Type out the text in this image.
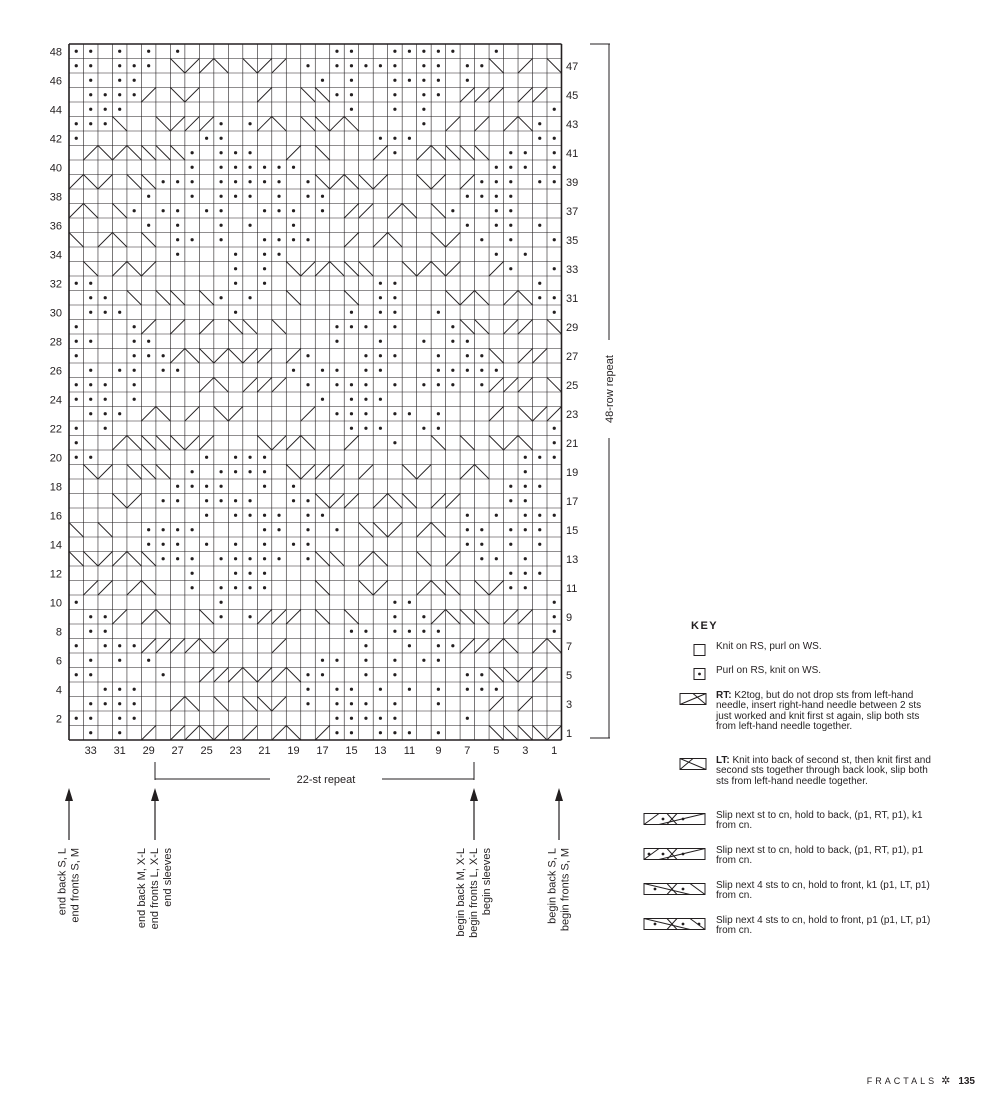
48
46
44
42
40
38
36
34
32
30
28
26
24
22
20
18
16
14
12
10
8
6
4
2
47
45
43
41
39
37
35
33
31
29
27
25
23
21
19
17
15
13
11
9
7
5
3
1
33 31 29 27 25 23 21 19 17 15 13 11 9 7 5 3 1
48-row repeat
22-st repeat
end back S, L end fronts S, M	end back M, X-L end fronts L, X-L end sleeves	begin back M, X-L begin fronts L, X-L begin sleeves	begin back S, L begin fronts S, M
KEY
Knit on RS, purl on WS.
Purl on RS, knit on WS.
RT: K2tog, but do not drop sts from left-hand needle, insert right-hand needle between 2 sts just worked and knit first st again, slip both sts from left-hand needle together.
LT: Knit into back of second st, then knit first and second sts together through back look, slip both sts from left-hand needle together.
Slip next st to cn, hold to back, (p1, RT, p1), k1 from cn.
Slip next st to cn, hold to back, (p1, RT, p1), p1 from cn.
Slip next 4 sts to cn, hold to front, k1 (p1, LT, p1) from cn.
Slip next 4 sts to cn, hold to front, p1 (p1, LT, p1) from cn.
FRACTALS ✲ 135
